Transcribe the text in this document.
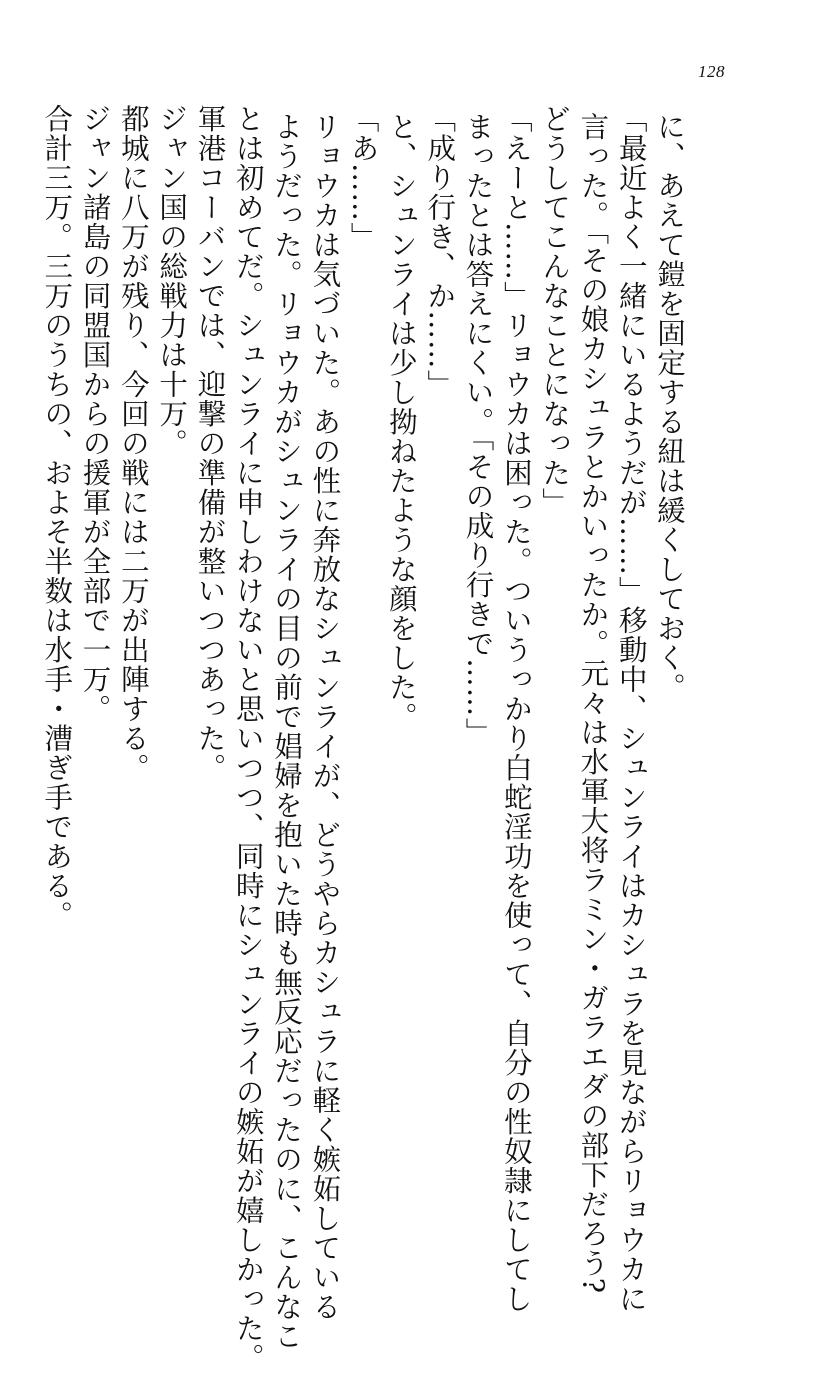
128
に、あえて鎧を固定する紐は緩くしておく。
「最近よく一緒にいるようだが……」移動中、シュンライはカシュラを見ながらリョウカに
言った。「その娘カシュラとかいったか。元々は水軍大将ラミン・ガラエダの部下だろう?
どうしてこんなことになった」
「えーと……」リョウカは困った。ついうっかり白蛇淫功を使って、自分の性奴隷にしてし
まったとは答えにくい。「その成り行きで……」
「成り行き、か……」
と、シュンライは少し拗ねたような顔をした。
「あ……」
リョウカは気づいた。あの性に奔放なシュンライが、どうやらカシュラに軽く嫉妬している
ようだった。リョウカがシュンライの目の前で娼婦を抱いた時も無反応だったのに、こんなこ
とは初めてだ。シュンライに申しわけないと思いつつ、同時にシュンライの嫉妬が嬉しかった。
軍港コーバンでは、迎撃の準備が整いつつあった。
ジャン国の総戦力は十万。
都城に八万が残り、今回の戦には二万が出陣する。
ジャン諸島の同盟国からの援軍が全部で一万。
合計三万。三万のうちの、およそ半数は水手・漕ぎ手である。
